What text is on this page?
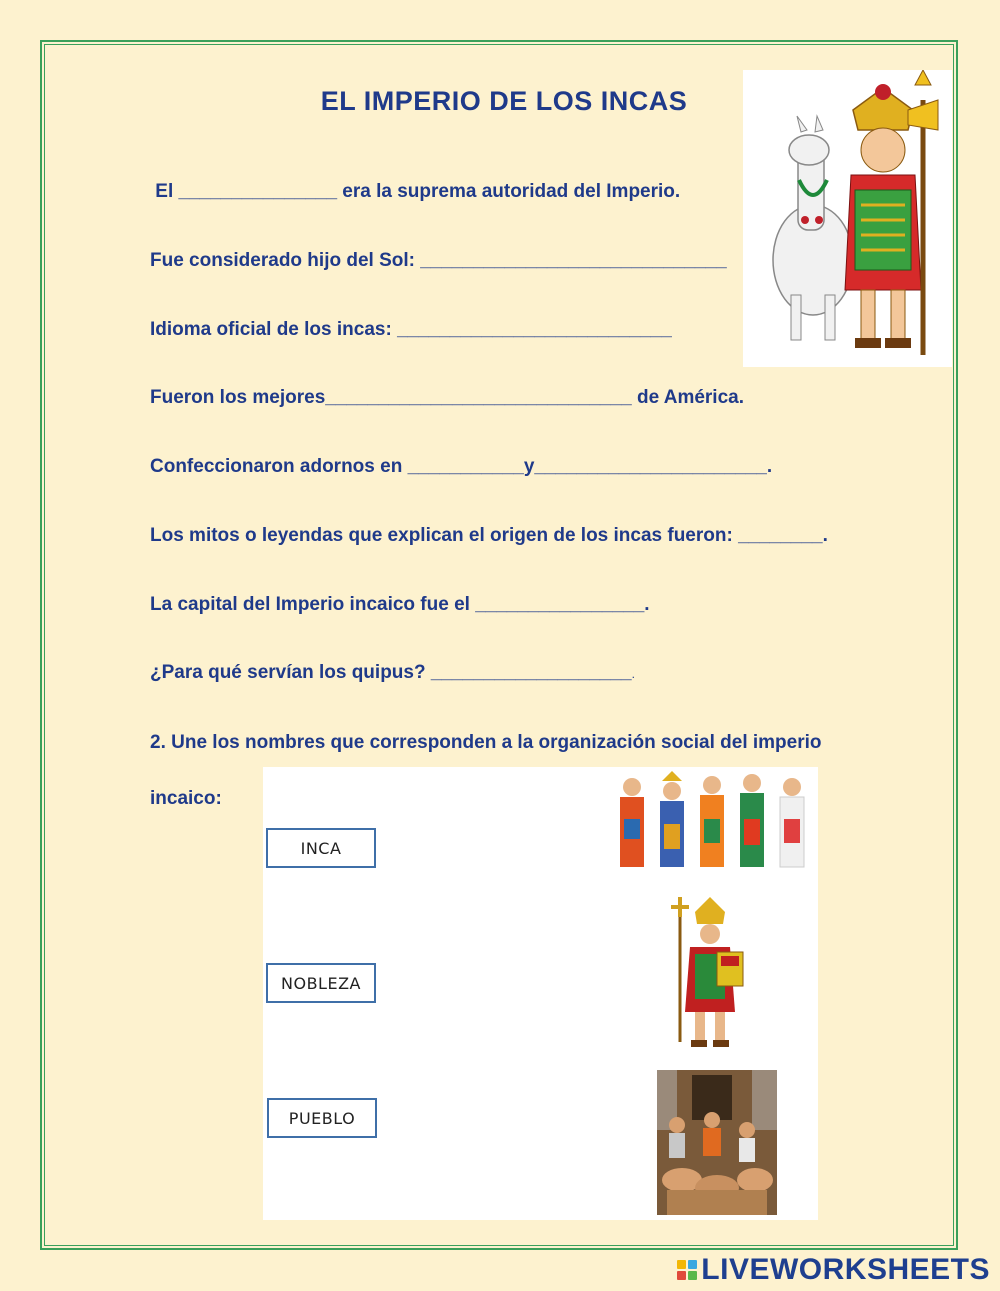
EL IMPERIO DE LOS INCAS
El _______________ era la suprema autoridad del Imperio.
Fue considerado hijo del Sol: _____________________________
Idioma oficial de los incas: __________________________
Fueron los mejores_____________________________ de América.
Confeccionaron adornos en ___________y______________________.
Los mitos o leyendas que explican el origen de los incas fueron: ________.
La capital del Imperio incaico fue el ________________.
¿Para qué servían los quipus? ___________________.
2. Une los nombres que corresponden a la organización social del imperio
incaico:
INCA
NOBLEZA
PUEBLO
LIVEWORKSHEETS
